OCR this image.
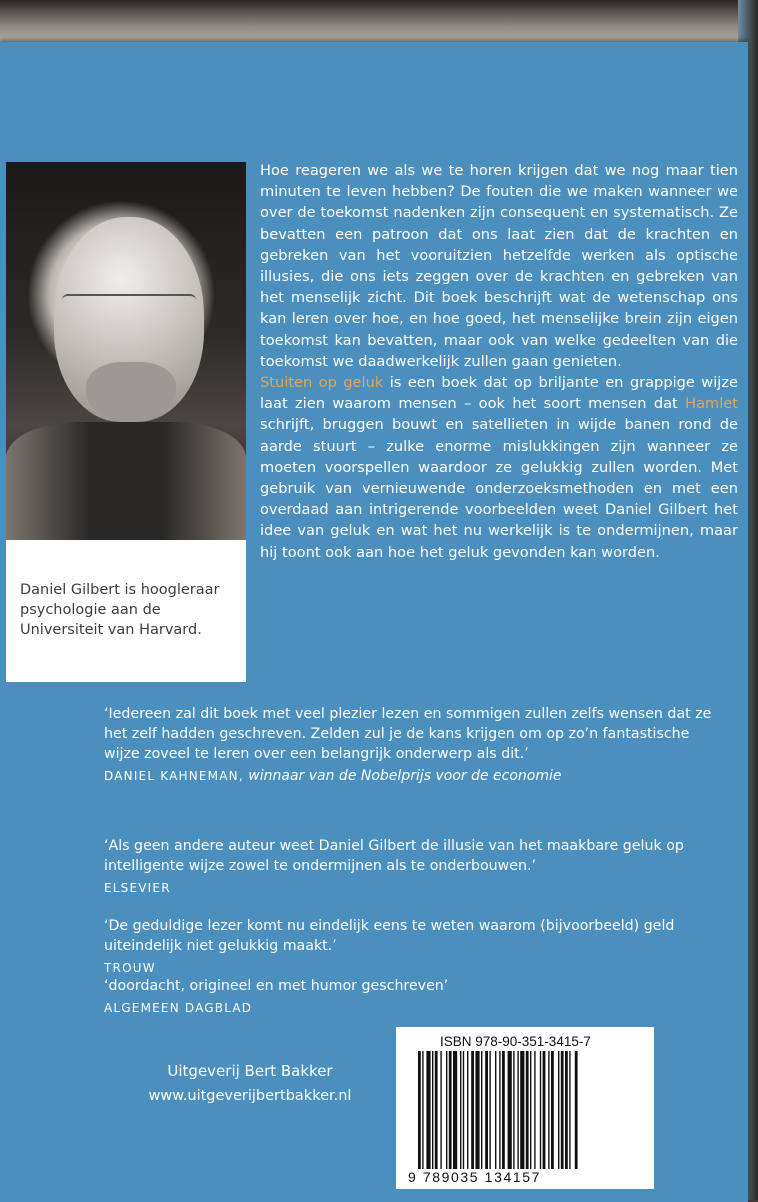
Daniel Gilbert is hoogleraar psychologie aan de Universiteit van Harvard.

Hoe reageren we als we te horen krijgen dat we nog maar tien minuten te leven hebben? De fouten die we maken wanneer we over de toekomst nadenken zijn consequent en systematisch. Ze bevatten een patroon dat ons laat zien dat de krachten en gebreken van het vooruitzien hetzelfde werken als optische illusies, die ons iets zeggen over de krachten en gebreken van het menselijk zicht. Dit boek beschrijft wat de wetenschap ons kan leren over hoe, en hoe goed, het menselijke brein zijn eigen toekomst kan bevatten, maar ook van welke gedeelten van die toekomst we daadwerkelijk zullen gaan genieten.

Stuiten op geluk is een boek dat op briljante en grappige wijze laat zien waarom mensen – ook het soort mensen dat Hamlet schrijft, bruggen bouwt en satellieten in wijde banen rond de aarde stuurt – zulke enorme mislukkingen zijn wanneer ze moeten voorspellen waardoor ze gelukkig zullen worden. Met gebruik van vernieuwende onderzoeksmethoden en met een overdaad aan intrigerende voorbeelden weet Daniel Gilbert het idee van geluk en wat het nu werkelijk is te ondermijnen, maar hij toont ook aan hoe het geluk gevonden kan worden.

‘Iedereen zal dit boek met veel plezier lezen en sommigen zullen zelfs wensen dat ze het zelf hadden geschreven. Zelden zul je de kans krijgen om op zo’n fantastische wijze zoveel te leren over een belangrijk onderwerp als dit.’

DANIEL KAHNEMAN, winnaar van de Nobelprijs voor de economie

‘Als geen andere auteur weet Daniel Gilbert de illusie van het maakbare geluk op intelligente wijze zowel te ondermijnen als te onderbouwen.’

ELSEVIER

‘De geduldige lezer komt nu eindelijk eens te weten waarom (bijvoorbeeld) geld uiteindelijk niet gelukkig maakt.’

TROUW

‘doordacht, origineel en met humor geschreven’

ALGEMEEN DAGBLAD

Uitgeverij Bert Bakker
www.uitgeverijbertbakker.nl
ISBN 978-90-351-3415-7
9 789035 134157
